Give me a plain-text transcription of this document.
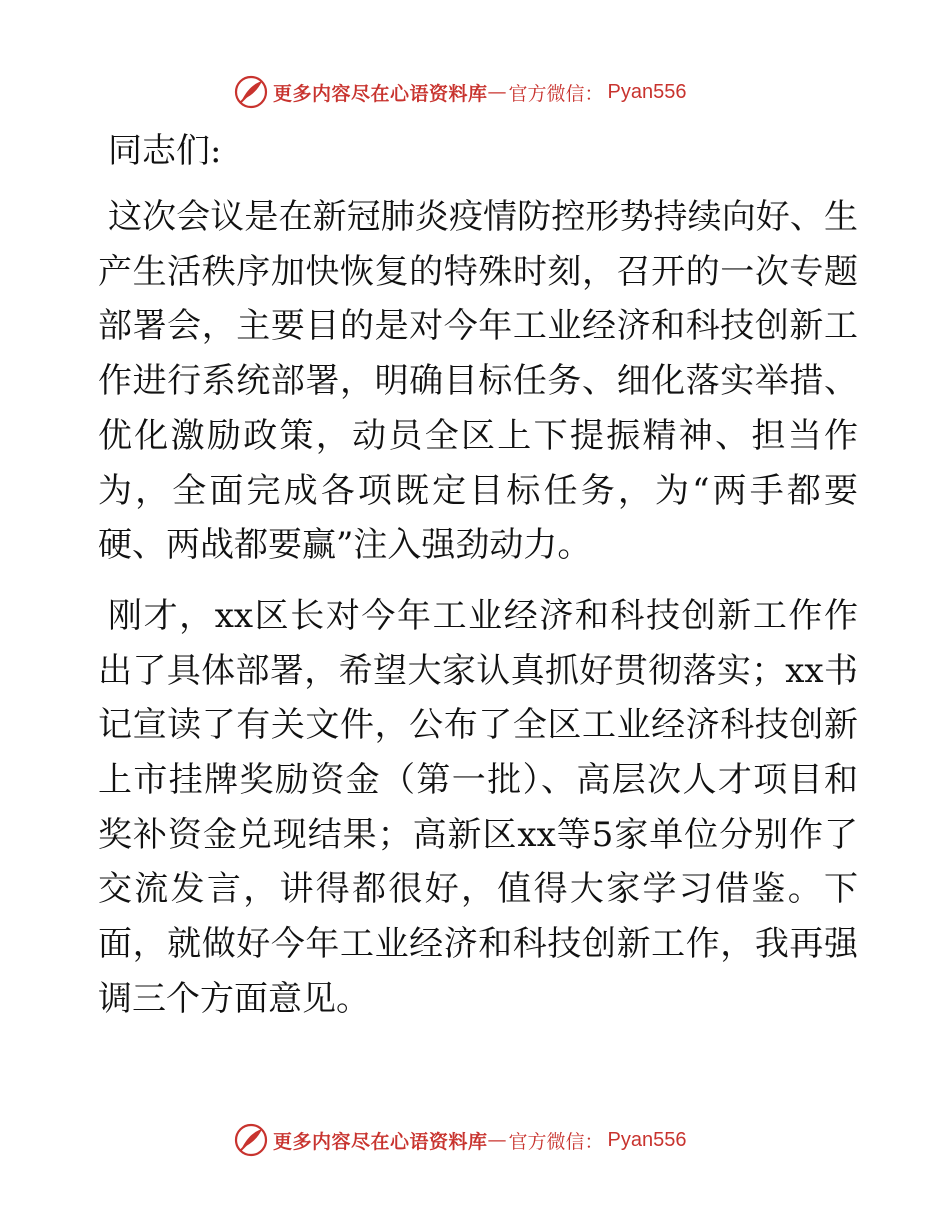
更多内容尽在心语资料库 — 官方微信： Pyan556
同志们:

这次会议是在新冠肺炎疫情防控形势持续向好、生产生活秩序加快恢复的特殊时刻，召开的一次专题部署会，主要目的是对今年工业经济和科技创新工作进行系统部署，明确目标任务、细化落实举措、优化激励政策，动员全区上下提振精神、担当作为，全面完成各项既定目标任务，为“两手都要硬、两战都要赢”注入强劲动力。

刚才，xx区长对今年工业经济和科技创新工作作出了具体部署，希望大家认真抓好贯彻落实；xx书记宣读了有关文件，公布了全区工业经济科技创新上市挂牌奖励资金（第一批）、高层次人才项目和奖补资金兑现结果；高新区xx等5家单位分别作了交流发言，讲得都很好，值得大家学习借鉴。下面，就做好今年工业经济和科技创新工作，我再强调三个方面意见。

更多内容尽在心语资料库 — 官方微信： Pyan556
